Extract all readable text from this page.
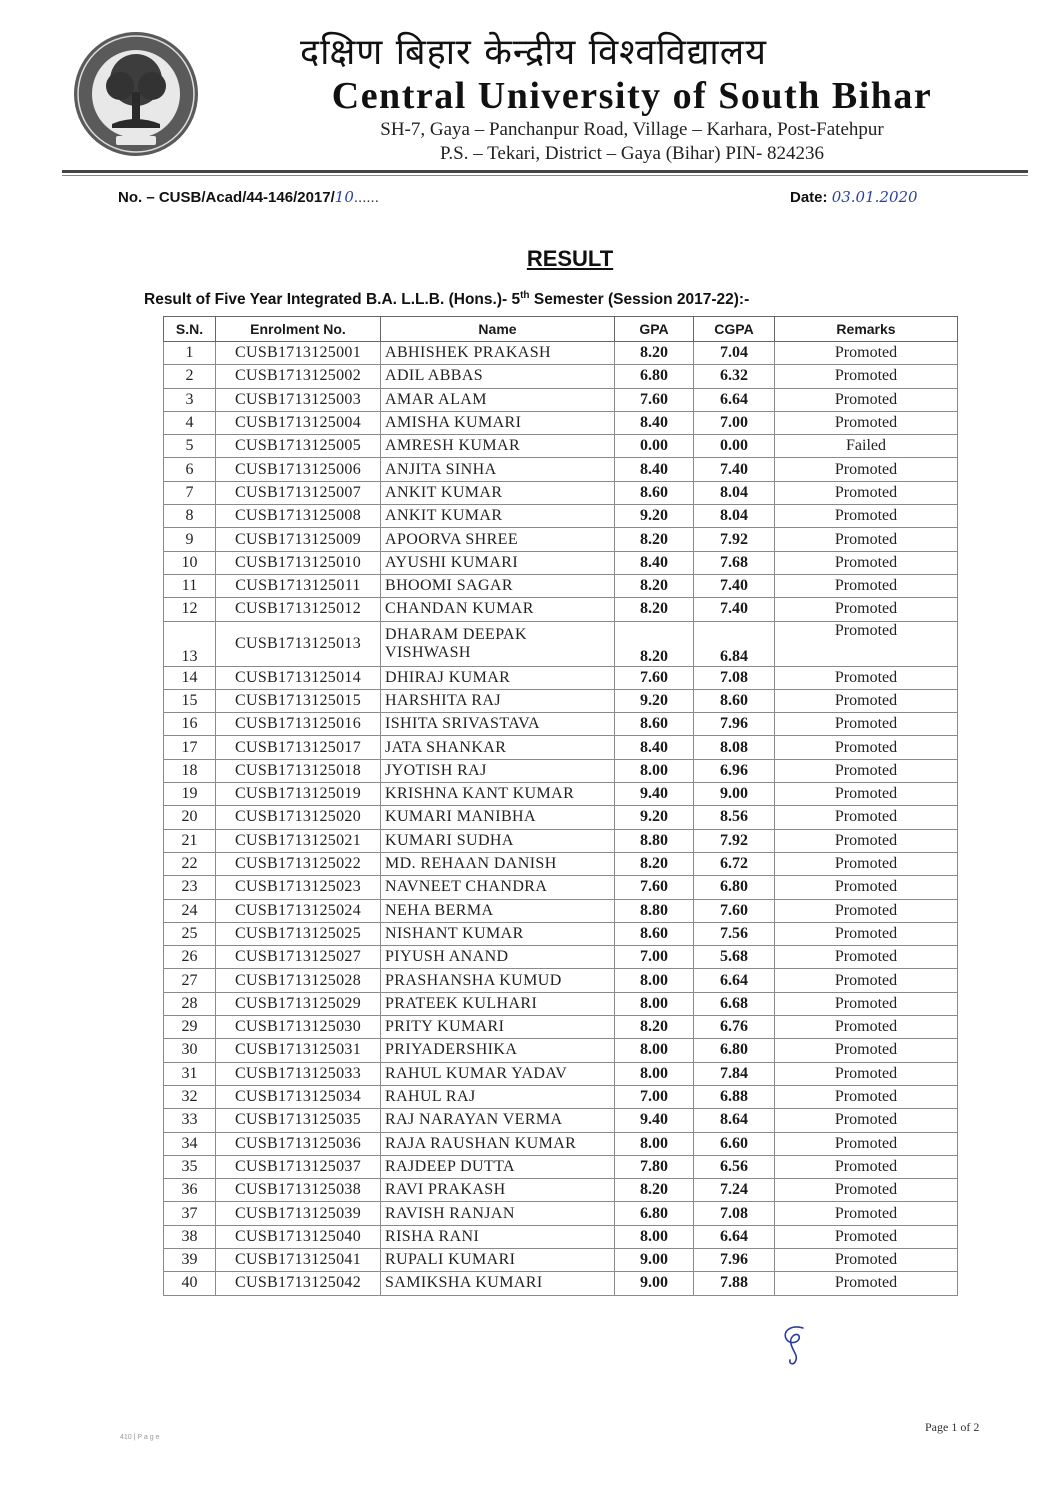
दक्षिण बिहार केन्द्रीय विश्वविद्यालय
Central University of South Bihar
SH-7, Gaya – Panchanpur Road, Village – Karhara, Post-Fatehpur
P.S. – Tekari, District – Gaya (Bihar) PIN- 824236
No. – CUSB/Acad/44-146/2017/10......	Date: 03.01.2020
RESULT
Result of Five Year Integrated B.A. L.L.B. (Hons.)- 5th Semester (Session 2017-22):-
S.N.	Enrolment No.	Name	GPA	CGPA	Remarks
1	CUSB1713125001	ABHISHEK PRAKASH	8.20	7.04	Promoted
2	CUSB1713125002	ADIL ABBAS	6.80	6.32	Promoted
3	CUSB1713125003	AMAR ALAM	7.60	6.64	Promoted
4	CUSB1713125004	AMISHA KUMARI	8.40	7.00	Promoted
5	CUSB1713125005	AMRESH KUMAR	0.00	0.00	Failed
6	CUSB1713125006	ANJITA SINHA	8.40	7.40	Promoted
7	CUSB1713125007	ANKIT KUMAR	8.60	8.04	Promoted
8	CUSB1713125008	ANKIT KUMAR	9.20	8.04	Promoted
9	CUSB1713125009	APOORVA SHREE	8.20	7.92	Promoted
10	CUSB1713125010	AYUSHI KUMARI	8.40	7.68	Promoted
11	CUSB1713125011	BHOOMI SAGAR	8.20	7.40	Promoted
12	CUSB1713125012	CHANDAN KUMAR	8.20	7.40	Promoted
13	CUSB1713125013	DHARAM DEEPAK VISHWASH	8.20	6.84	Promoted
14	CUSB1713125014	DHIRAJ KUMAR	7.60	7.08	Promoted
15	CUSB1713125015	HARSHITA RAJ	9.20	8.60	Promoted
16	CUSB1713125016	ISHITA SRIVASTAVA	8.60	7.96	Promoted
17	CUSB1713125017	JATA SHANKAR	8.40	8.08	Promoted
18	CUSB1713125018	JYOTISH RAJ	8.00	6.96	Promoted
19	CUSB1713125019	KRISHNA KANT KUMAR	9.40	9.00	Promoted
20	CUSB1713125020	KUMARI MANIBHA	9.20	8.56	Promoted
21	CUSB1713125021	KUMARI SUDHA	8.80	7.92	Promoted
22	CUSB1713125022	MD. REHAAN DANISH	8.20	6.72	Promoted
23	CUSB1713125023	NAVNEET CHANDRA	7.60	6.80	Promoted
24	CUSB1713125024	NEHA BERMA	8.80	7.60	Promoted
25	CUSB1713125025	NISHANT KUMAR	8.60	7.56	Promoted
26	CUSB1713125027	PIYUSH ANAND	7.00	5.68	Promoted
27	CUSB1713125028	PRASHANSHA KUMUD	8.00	6.64	Promoted
28	CUSB1713125029	PRATEEK KULHARI	8.00	6.68	Promoted
29	CUSB1713125030	PRITY KUMARI	8.20	6.76	Promoted
30	CUSB1713125031	PRIYADERSHIKA	8.00	6.80	Promoted
31	CUSB1713125033	RAHUL KUMAR YADAV	8.00	7.84	Promoted
32	CUSB1713125034	RAHUL RAJ	7.00	6.88	Promoted
33	CUSB1713125035	RAJ NARAYAN VERMA	9.40	8.64	Promoted
34	CUSB1713125036	RAJA RAUSHAN KUMAR	8.00	6.60	Promoted
35	CUSB1713125037	RAJDEEP DUTTA	7.80	6.56	Promoted
36	CUSB1713125038	RAVI PRAKASH	8.20	7.24	Promoted
37	CUSB1713125039	RAVISH RANJAN	6.80	7.08	Promoted
38	CUSB1713125040	RISHA RANI	8.00	6.64	Promoted
39	CUSB1713125041	RUPALI KUMARI	9.00	7.96	Promoted
40	CUSB1713125042	SAMIKSHA KUMARI	9.00	7.88	Promoted
Page 1 of 2
410 | P a g e
